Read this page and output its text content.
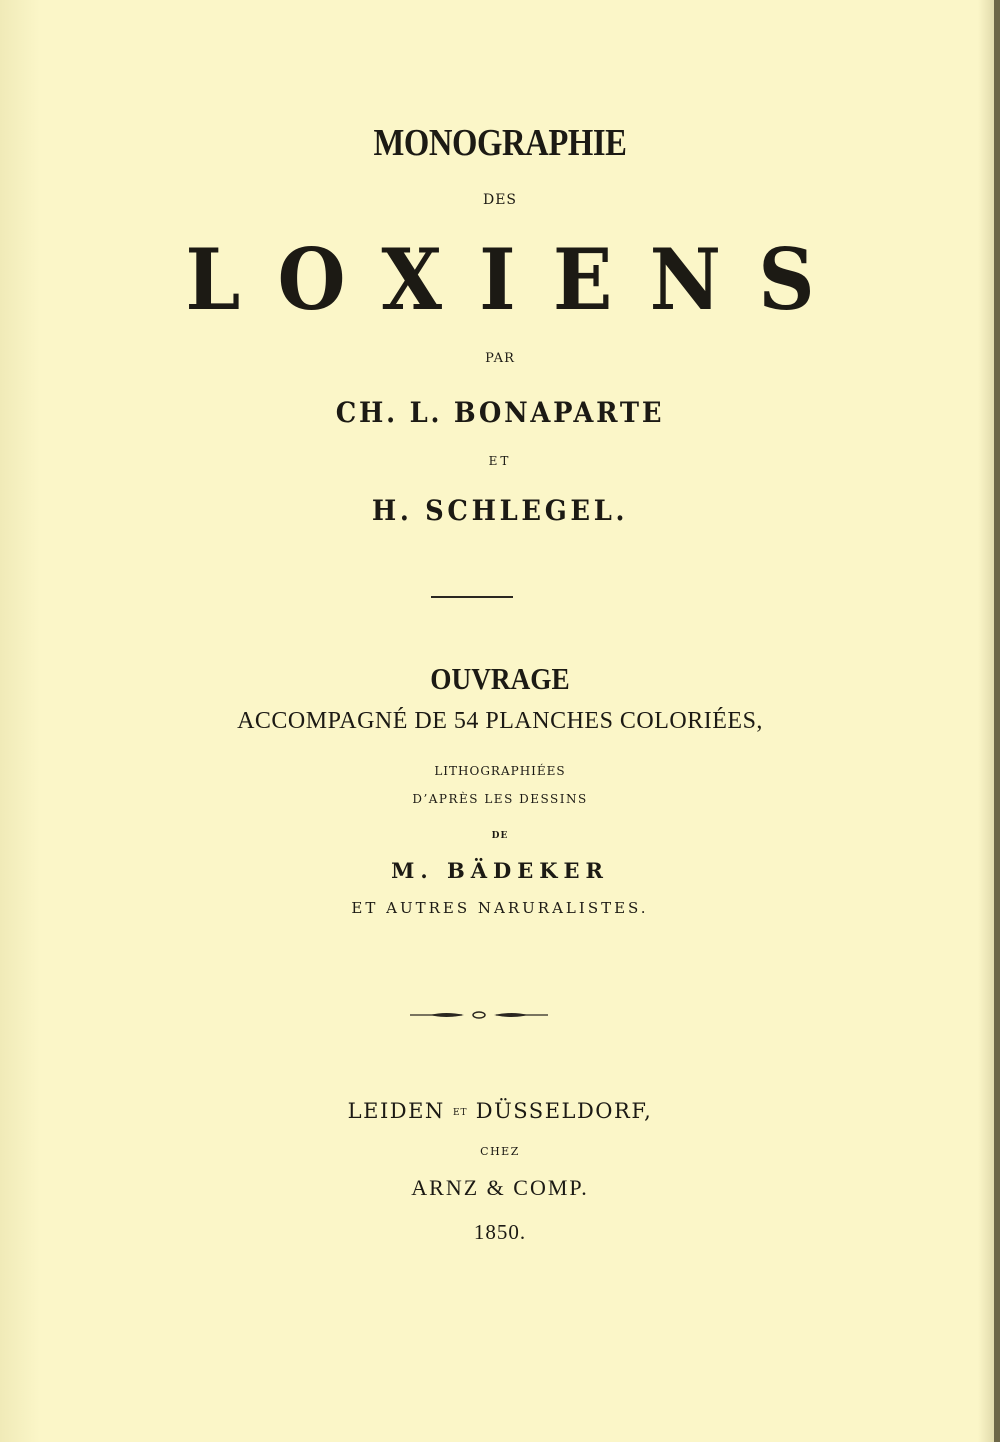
MONOGRAPHIE
DES
LOXIENS
PAR
CH. L. BONAPARTE
ET
H. SCHLEGEL.
OUVRAGE
ACCOMPAGNÉ DE 54 PLANCHES COLORIÉES,
LITHOGRAPHIÉES
D’APRÈS LES DESSINS
DE
M. BÄDEKER
ET AUTRES NARURALISTES.
LEIDEN ET DÜSSELDORF,
CHEZ
ARNZ & COMP.
1850.
